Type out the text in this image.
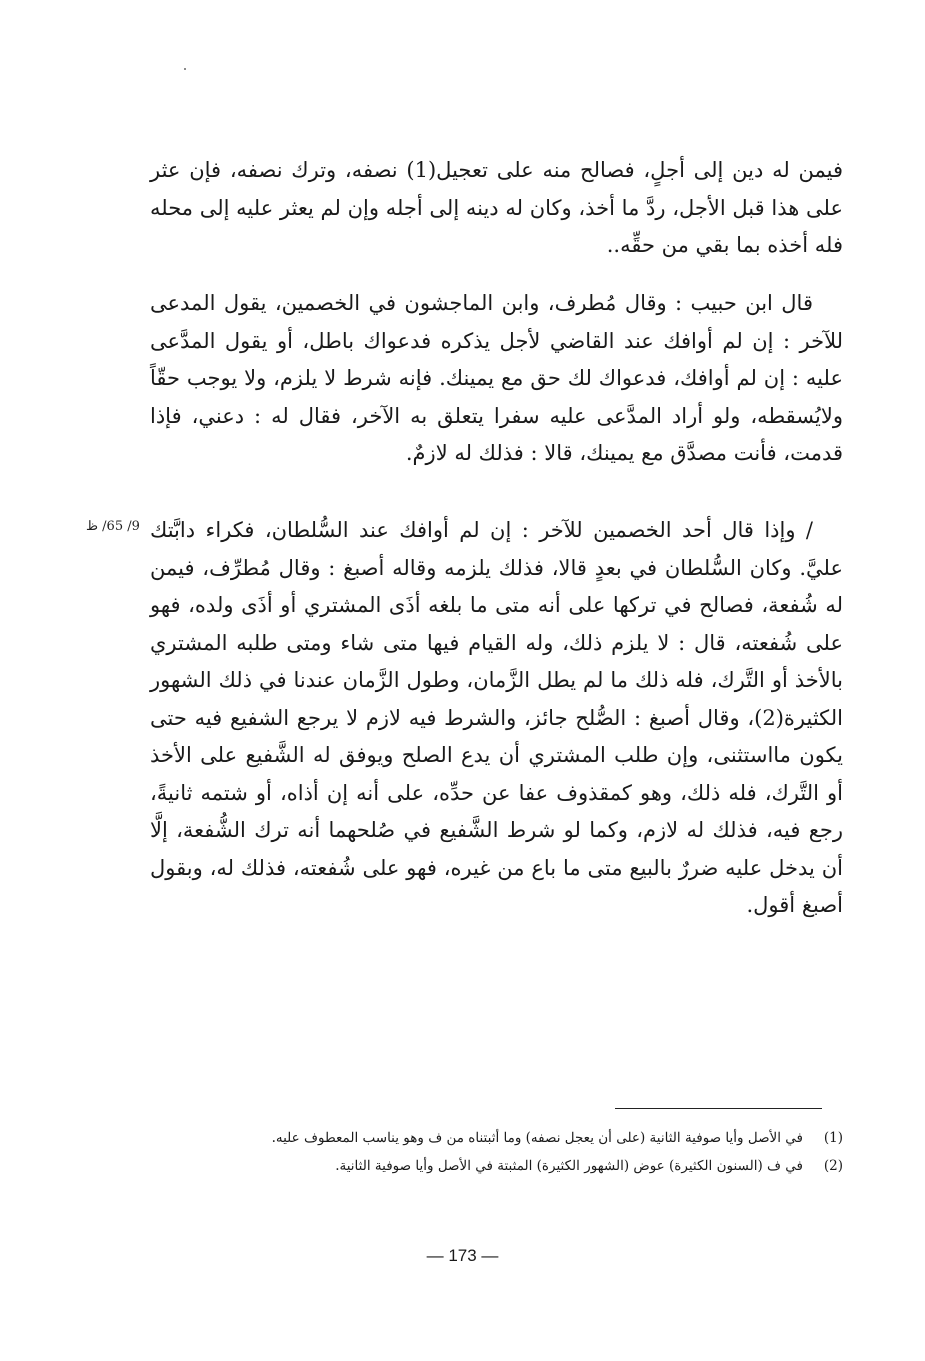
فيمن له دين إلى أجلٍ، فصالح منه على تعجيل(1) نصفه، وترك نصفه، فإن عثر على هذا قبل الأجل، ردَّ ما أخذ، وكان له دينه إلى أجله وإن لم يعثر عليه إلى محله فله أخذه بما بقي من حقِّه..

قال ابن حبيب : وقال مُطرف، وابن الماجشون في الخصمين، يقول المدعى للآخر : إن لم أوافك عند القاضي لأجل يذكره فدعواك باطل، أو يقول المدَّعى عليه : إن لم أوافك، فدعواك لك حق مع يمينك. فإنه شرط لا يلزم، ولا يوجب حقّاً ولايُسقطه، ولو أراد المدَّعى عليه سفرا يتعلق به الآخر، فقال له : دعني، فإذا قدمت، فأنت مصدَّق مع يمينك، قالا : فذلك له لازمٌ.

9/ 65/ ظ / وإذا قال أحد الخصمين للآخر : إن لم أوافك عند السُّلطان، فكراء دابَّتك عليَّ. وكان السُّلطان في بعدٍ قالا، فذلك يلزمه وقاله أصبغ : وقال مُطرِّف، فيمن له شُفعة، فصالح في تركها على أنه متى ما بلغه أذَى المشتري أو أذَى ولده، فهو على شُفعته، قال : لا يلزم ذلك، وله القيام فيها متى شاء ومتى طلبه المشتري بالأخذ أو التَّرك، فله ذلك ما لم يطل الزَّمان، وطول الزَّمان عندنا في ذلك الشهور الكثيرة(2)، وقال أصبغ : الصُّلح جائز، والشرط فيه لازم لا يرجع الشفيع فيه حتى يكون مااستثنى، وإن طلب المشتري أن يدع الصلح ويوفق له الشَّفيع على الأخذ أو التَّرك، فله ذلك، وهو كمقذوف عفا عن حدِّه، على أنه إن أذاه، أو شتمه ثانيةً، رجع فيه، فذلك له لازم، وكما لو شرط الشَّفيع في صُلحهما أنه ترك الشُّفعة، إلَّا أن يدخل عليه ضررٌ بالبيع متى ما باع من غيره، فهو على شُفعته، فذلك له، وبقول أصبغ أقول.

(1)
في الأصل وأيا صوفية الثانية (على أن يعجل نصفه) وما أثبتناه من ف وهو يناسب المعطوف عليه.
(2)
في ف (السنون الكثيرة) عوض (الشهور الكثيرة) المثبتة في الأصل وأيا صوفية الثانية.
— 173 —
